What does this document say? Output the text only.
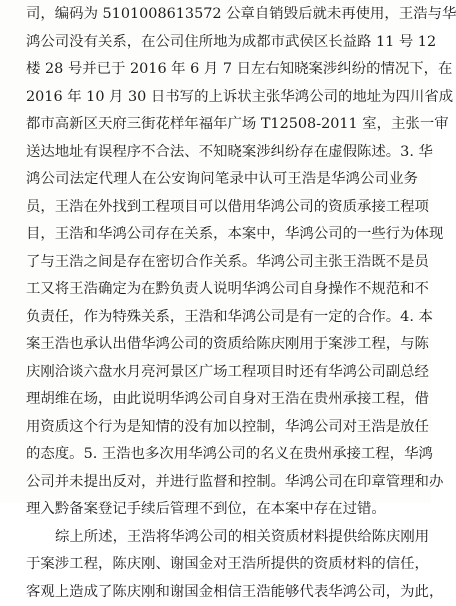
司，编码为 5101008613572 公章自销毁后就未再使用，王浩与华
鸿公司没有关系，在公司住所地为成都市武侯区长益路 11 号 12
楼 28 号并已于 2016 年 6 月 7 日左右知晓案涉纠纷的情况下，在
2016 年 10 月 30 日书写的上诉状主张华鸿公司的地址为四川省成
都市高新区天府三街花样年福年广场 T12508-2011 室，主张一审
送达地址有误程序不合法、不知晓案涉纠纷存在虚假陈述。3. 华
鸿公司法定代理人在公安询问笔录中认可王浩是华鸿公司业务
员，王浩在外找到工程项目可以借用华鸿公司的资质承接工程项
目，王浩和华鸿公司存在关系，本案中，华鸿公司的一些行为体现
了与王浩之间是存在密切合作关系。华鸿公司主张王浩既不是员
工又将王浩确定为在黔负责人说明华鸿公司自身操作不规范和不
负责任，作为特殊关系，王浩和华鸿公司是有一定的合作。4. 本
案王浩也承认出借华鸿公司的资质给陈庆刚用于案涉工程，与陈
庆刚洽谈六盘水月亮河景区广场工程项目时还有华鸿公司副总经
理胡维在场，由此说明华鸿公司自身对王浩在贵州承接工程，借
用资质这个行为是知情的没有加以控制，华鸿公司对王浩是放任
的态度。5. 王浩也多次用华鸿公司的名义在贵州承接工程，华鸿
公司并未提出反对，并进行监督和控制。华鸿公司在印章管理和办
理入黔备案登记手续后管理不到位，在本案中存在过错。
综上所述，王浩将华鸿公司的相关资质材料提供给陈庆刚用
于案涉工程，陈庆刚、谢国金对王浩所提供的资质材料的信任，
客观上造成了陈庆刚和谢国金相信王浩能够代表华鸿公司，为此，
